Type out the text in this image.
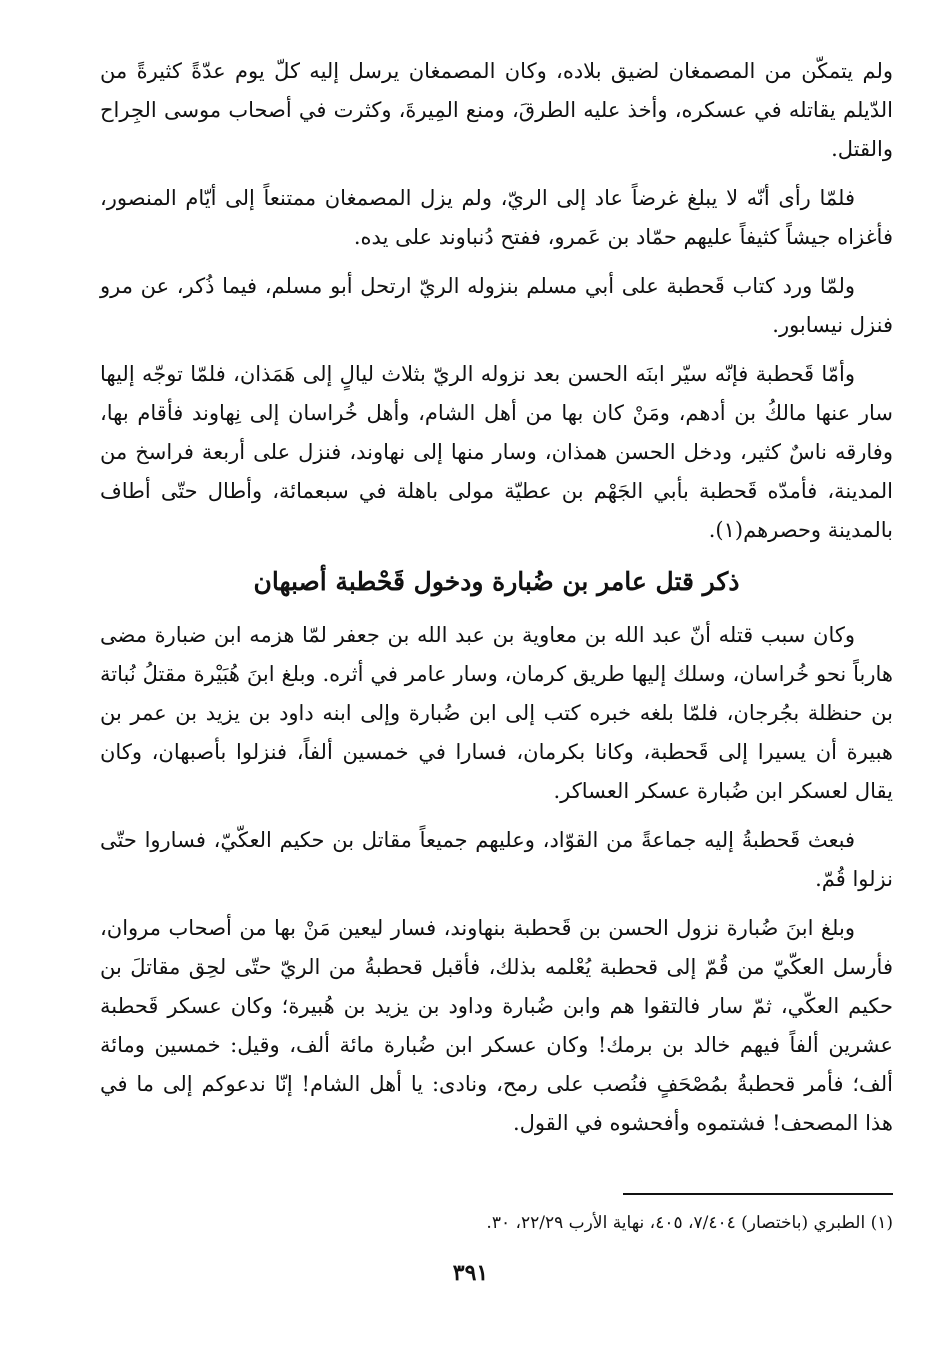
ولم يتمكّن من المصمغان لضيق بلاده، وكان المصمغان يرسل إليه كلّ يوم عدّةً كثيرةً من الدّيلم يقاتله في عسكره، وأخذ عليه الطرقَ، ومنع المِيرةَ، وكثرت في أصحاب موسى الجِراح والقتل.

فلمّا رأى أنّه لا يبلغ غرضاً عاد إلى الريّ، ولم يزل المصمغان ممتنعاً إلى أيّام المنصور، فأغزاه جيشاً كثيفاً عليهم حمّاد بن عَمرو، ففتح دُنباوند على يده.

ولمّا ورد كتاب قَحطبة على أبي مسلم بنزوله الريّ ارتحل أبو مسلم، فيما ذُكر، عن مرو فنزل نيسابور.

وأمّا قَحطبة فإنّه سيّر ابنَه الحسن بعد نزوله الريّ بثلاث ليالٍ إلى هَمَذان، فلمّا توجّه إليها سار عنها مالكُ بن أدهم، ومَنْ كان بها من أهل الشام، وأهل خُراسان إلى نِهاوند فأقام بها، وفارقه ناسٌ كثير، ودخل الحسن همذان، وسار منها إلى نهاوند، فنزل على أربعة فراسخ من المدينة، فأمدّه قَحطبة بأبي الجَهْم بن عطيّة مولى باهلة في سبعمائة، وأطال حتّى أطاف بالمدينة وحصرهم(١).

ذكر قتل عامر بن ضُبارة ودخول قَحْطبة أصبهان

وكان سبب قتله أنّ عبد الله بن معاوية بن عبد الله بن جعفر لمّا هزمه ابن ضبارة مضى هارباً نحو خُراسان، وسلك إليها طريق كرمان، وسار عامر في أثره. وبلغ ابنَ هُبَيْرة مقتلُ نُباتة بن حنظلة بجُرجان، فلمّا بلغه خبره كتب إلى ابن ضُبارة وإلى ابنه داود بن يزيد بن عمر بن هبيرة أن يسيرا إلى قَحطبة، وكانا بكرمان، فسارا في خمسين ألفاً، فنزلوا بأصبهان، وكان يقال لعسكر ابن ضُبارة عسكر العساكر.

فبعث قَحطبةُ إليه جماعةً من القوّاد، وعليهم جميعاً مقاتل بن حكيم العكّيّ، فساروا حتّى نزلوا قُمّ.

وبلغ ابنَ ضُبارة نزول الحسن بن قَحطبة بنهاوند، فسار ليعين مَنْ بها من أصحاب مروان، فأرسل العكّيّ من قُمّ إلى قحطبة يُعْلمه بذلك، فأقبل قحطبةُ من الريّ حتّى لحِق مقاتلَ بن حكيم العكّي، ثمّ سار فالتقوا هم وابن ضُبارة وداود بن يزيد بن هُبيرة؛ وكان عسكر قَحطبة عشرين ألفاً فيهم خالد بن برمك! وكان عسكر ابن ضُبارة مائة ألف، وقيل: خمسين ومائة ألف؛ فأمر قحطبةُ بمُصْحَفٍ فنُصب على رمح، ونادى: يا أهل الشام! إنّا ندعوكم إلى ما في هذا المصحف! فشتموه وأفحشوه في القول.

(١) الطبري (باختصار) ٧/٤٠٤، ٤٠٥، نهاية الأرب ٢٢/٢٩، ٣٠.
٣٩١
